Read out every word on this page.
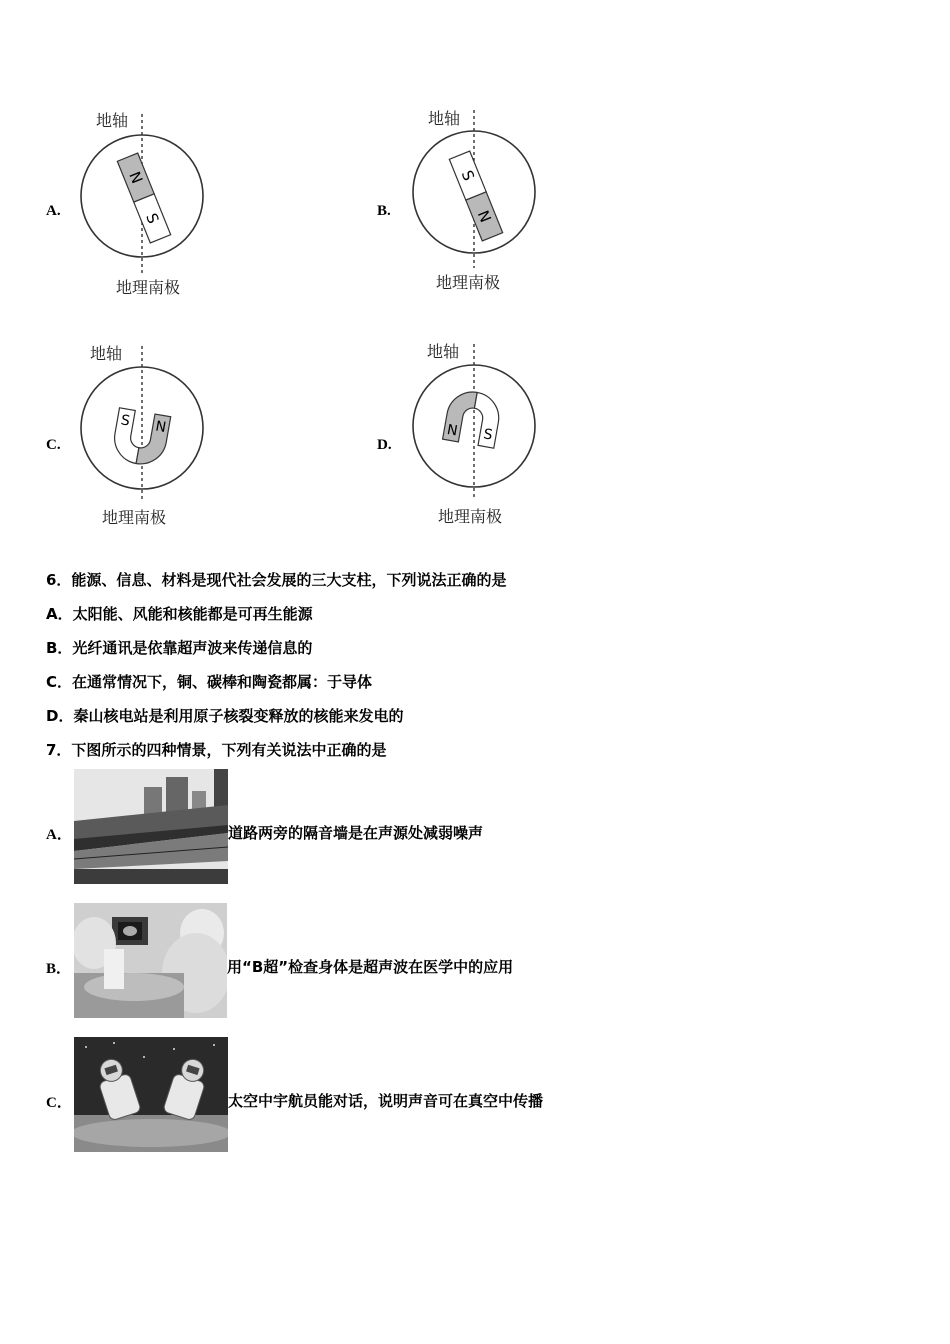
A.
地轴
地理南极
N
S	B.
地轴
地理南极
S
N
C.
地轴
地理南极
S N
D.
地轴
地理南极
N S
6．能源、信息、材料是现代社会发展的三大支柱，下列说法正确的是
A．太阳能、风能和核能都是可再生能源
B．光纤通讯是依靠超声波来传递信息的
C．在通常情况下，铜、碳棒和陶瓷都属：于导体
D．秦山核电站是利用原子核裂变释放的核能来发电的
7．下图所示的四种情景，下列有关说法中正确的是
A．	道路两旁的隔音墙是在声源处减弱噪声
B．	用“B超”检查身体是超声波在医学中的应用
C．	太空中宇航员能对话，说明声音可在真空中传播
